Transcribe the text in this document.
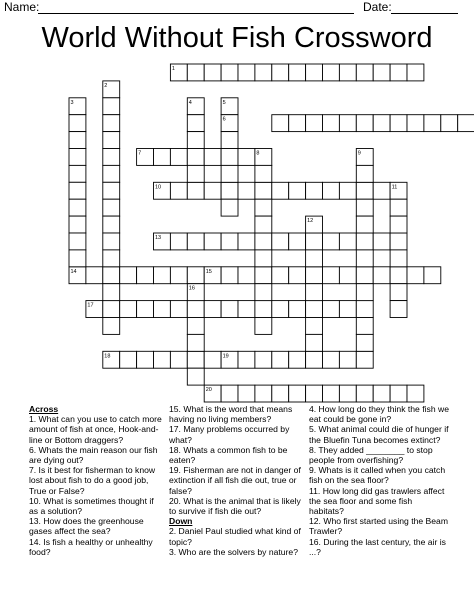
Name:	Date:
World Without Fish Crossword
1
2
3	4	5
6
7	8	9
10	11
12
13
14	15
16
17
18	19
20
Across

1. What can you use to catch more amount of fish at once, Hook-and-line or Bottom draggers?

6. Whats the main reason our fish are dying out?

7. Is it best for fisherman to know lost about fish to do a good job, True or False?

10. What is sometimes thought if as a solution?

13. How does the greenhouse gases affect the sea?

14. Is fish a healthy or unhealthy food?

15. What is the word that means having no living members?

17. Many problems occurred by what?

18. Whats a common fish to be eaten?

19. Fisherman are not in danger of extinction if all fish die out, true or false?

20. What is the animal that is likely to survive if fish die out?

Down

2. Daniel Paul studied what kind of topic?

3. Who are the solvers by nature?

4. How long do they think the fish we eat could be gone in?

5. What animal could die of hunger if the Bluefin Tuna becomes extinct?

8. They added ________ to stop people from overfishing?

9. Whats is it called when you catch fish on the sea floor?

11. How long did gas trawlers affect the sea floor and some fish habitats?

12. Who first started using the Beam Trawler?

16. During the last century, the air is ...?
